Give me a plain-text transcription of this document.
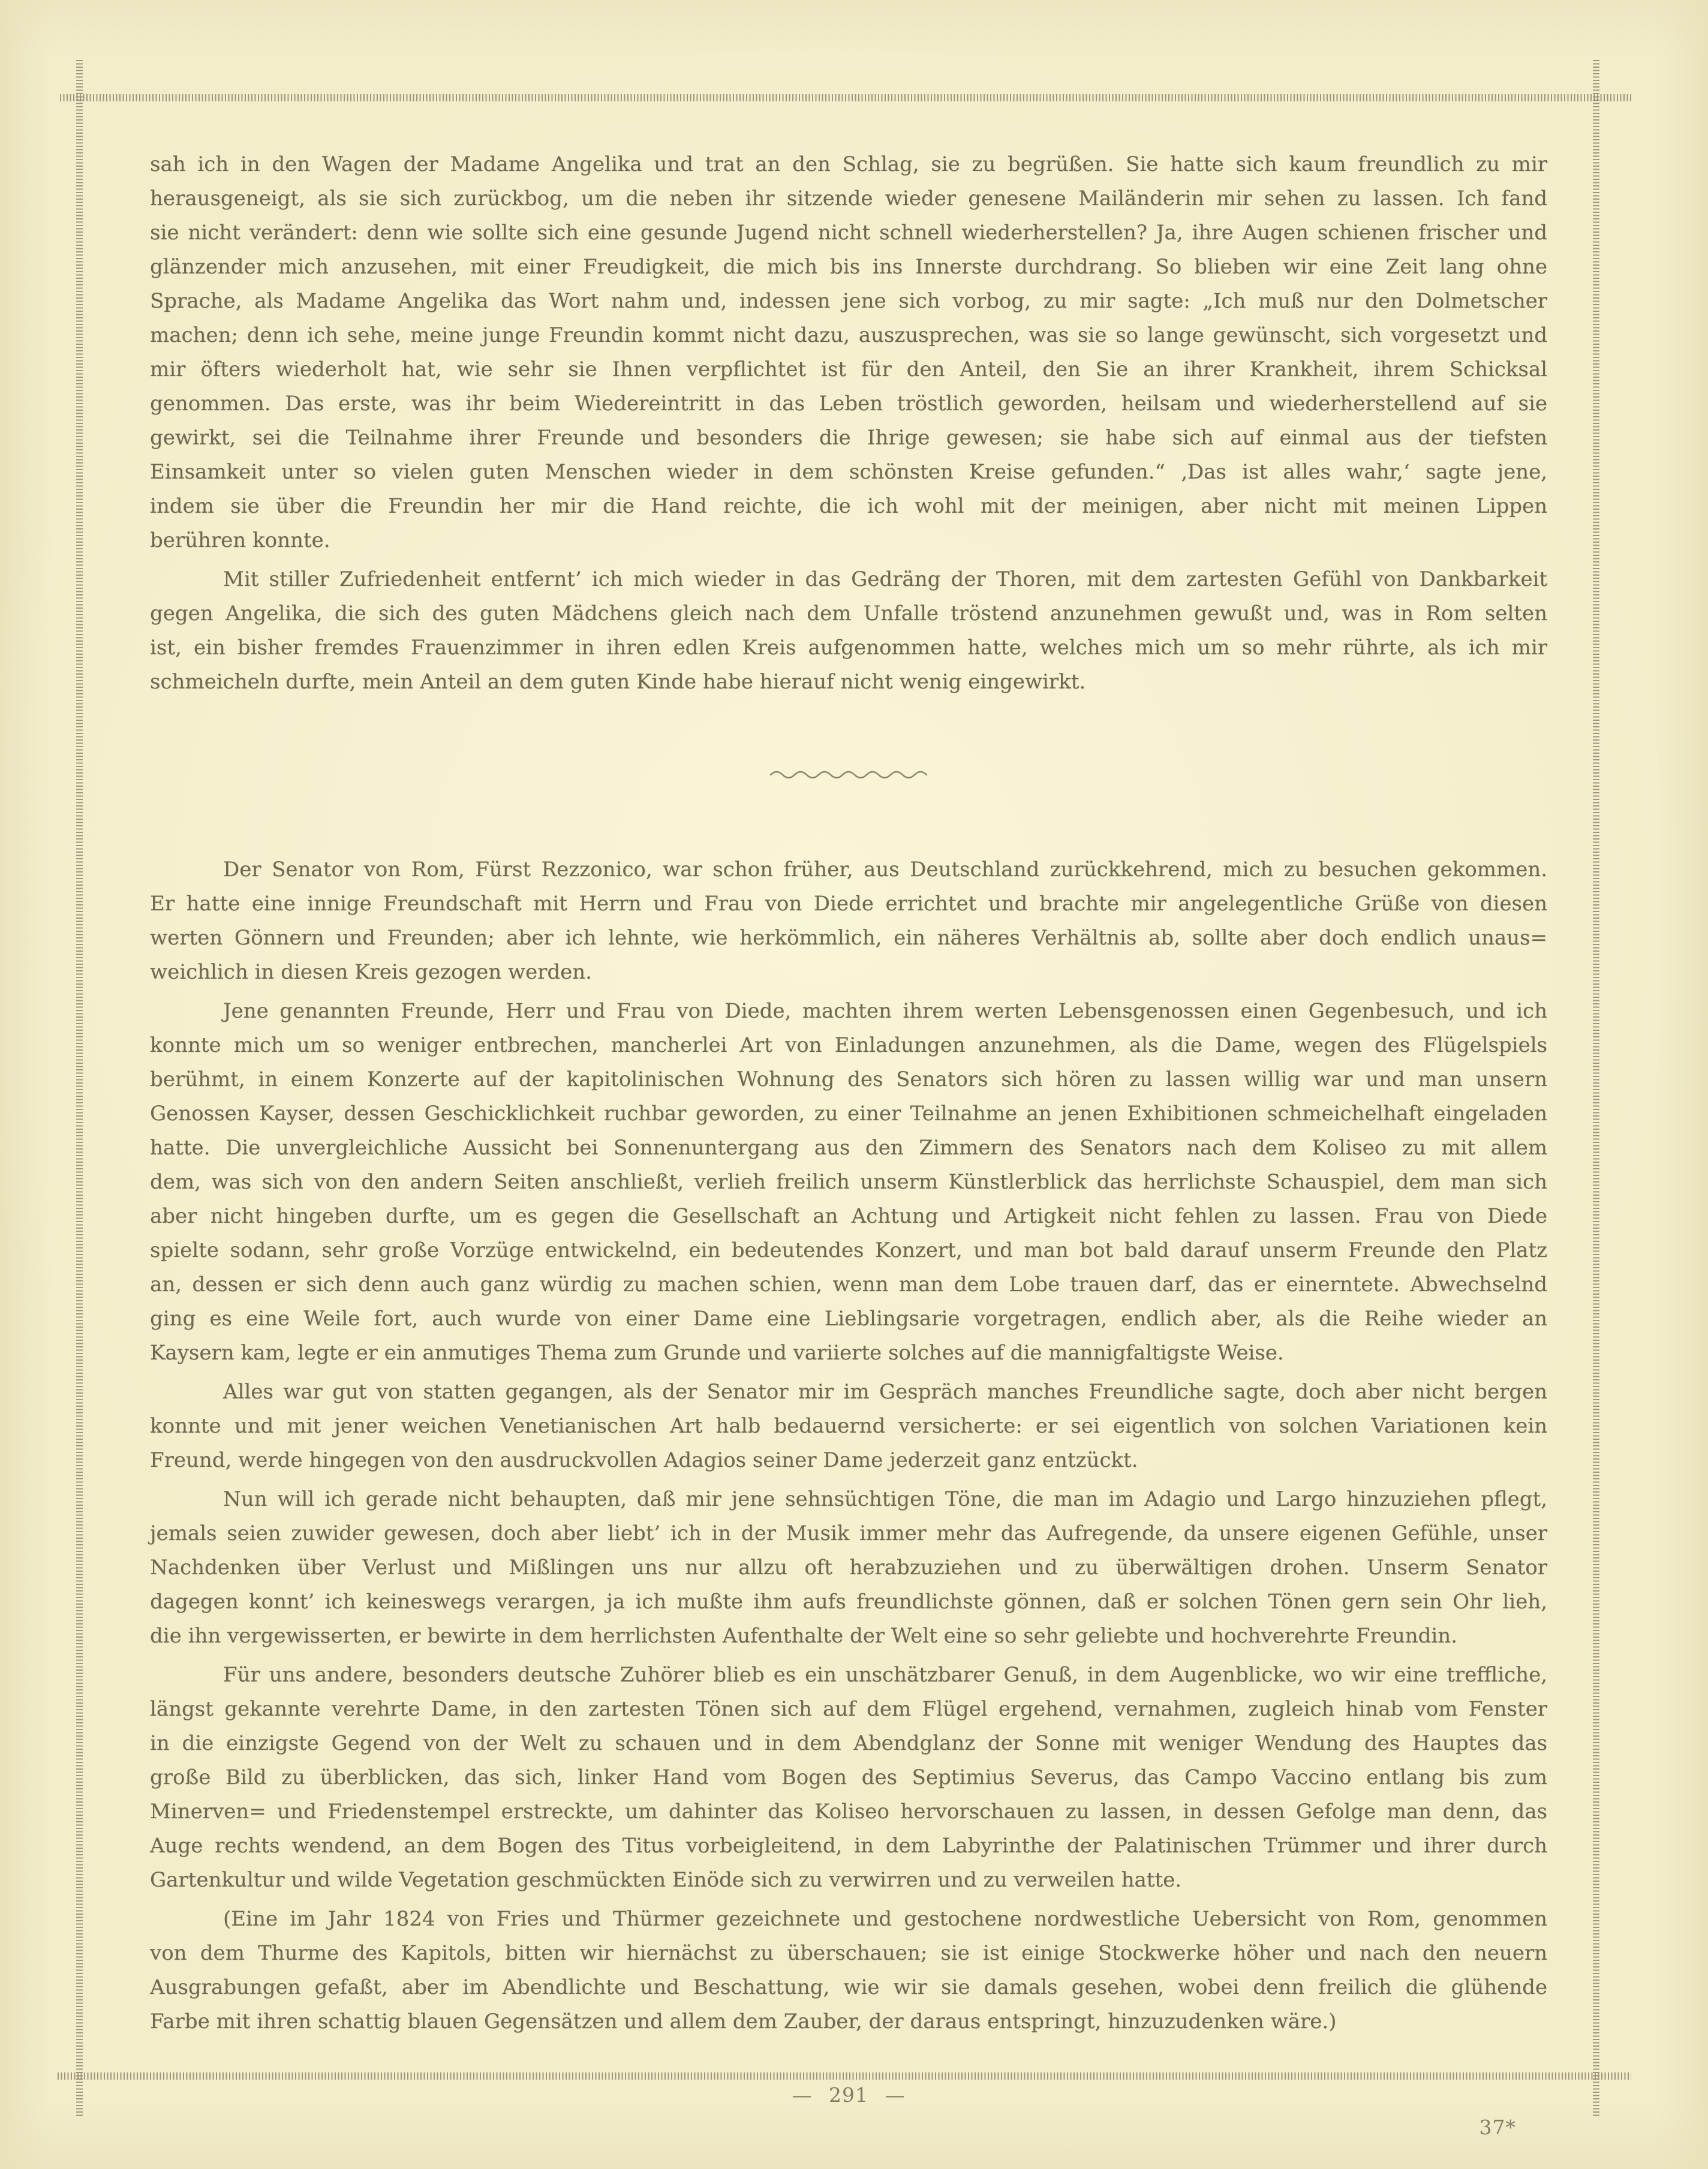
sah ich in den Wagen der Madame Angelika und trat an den Schlag, sie zu begrüßen. Sie hatte sich kaum freundlich zu mir
herausgeneigt, als sie sich zurückbog, um die neben ihr sitzende wieder genesene Mailänderin mir sehen zu lassen. Ich fand
sie nicht verändert: denn wie sollte sich eine gesunde Jugend nicht schnell wiederherstellen? Ja, ihre Augen schienen frischer und
glänzender mich anzusehen, mit einer Freudigkeit, die mich bis ins Innerste durchdrang. So blieben wir eine Zeit lang ohne
Sprache, als Madame Angelika das Wort nahm und, indessen jene sich vorbog, zu mir sagte: „Ich muß nur den Dolmetscher
machen; denn ich sehe, meine junge Freundin kommt nicht dazu, auszusprechen, was sie so lange gewünscht, sich vorgesetzt und
mir öfters wiederholt hat, wie sehr sie Ihnen verpflichtet ist für den Anteil, den Sie an ihrer Krankheit, ihrem Schicksal
genommen. Das erste, was ihr beim Wiedereintritt in das Leben tröstlich geworden, heilsam und wiederherstellend auf sie
gewirkt, sei die Teilnahme ihrer Freunde und besonders die Ihrige gewesen; sie habe sich auf einmal aus der tiefsten
Einsamkeit unter so vielen guten Menschen wieder in dem schönsten Kreise gefunden.“ ‚Das ist alles wahr,‘ sagte jene,
indem sie über die Freundin her mir die Hand reichte, die ich wohl mit der meinigen, aber nicht mit meinen Lippen
berühren konnte.
Mit stiller Zufriedenheit entfernt’ ich mich wieder in das Gedräng der Thoren, mit dem zartesten Gefühl von Dankbarkeit
gegen Angelika, die sich des guten Mädchens gleich nach dem Unfalle tröstend anzunehmen gewußt und, was in Rom selten
ist, ein bisher fremdes Frauenzimmer in ihren edlen Kreis aufgenommen hatte, welches mich um so mehr rührte, als ich mir
schmeicheln durfte, mein Anteil an dem guten Kinde habe hierauf nicht wenig eingewirkt.
Der Senator von Rom, Fürst Rezzonico, war schon früher, aus Deutschland zurückkehrend, mich zu besuchen gekommen.
Er hatte eine innige Freundschaft mit Herrn und Frau von Diede errichtet und brachte mir angelegentliche Grüße von diesen
werten Gönnern und Freunden; aber ich lehnte, wie herkömmlich, ein näheres Verhältnis ab, sollte aber doch endlich unaus=
weichlich in diesen Kreis gezogen werden.
Jene genannten Freunde, Herr und Frau von Diede, machten ihrem werten Lebensgenossen einen Gegenbesuch, und ich
konnte mich um so weniger entbrechen, mancherlei Art von Einladungen anzunehmen, als die Dame, wegen des Flügelspiels
berühmt, in einem Konzerte auf der kapitolinischen Wohnung des Senators sich hören zu lassen willig war und man unsern
Genossen Kayser, dessen Geschicklichkeit ruchbar geworden, zu einer Teilnahme an jenen Exhibitionen schmeichelhaft eingeladen
hatte. Die unvergleichliche Aussicht bei Sonnenuntergang aus den Zimmern des Senators nach dem Koliseo zu mit allem
dem, was sich von den andern Seiten anschließt, verlieh freilich unserm Künstlerblick das herrlichste Schauspiel, dem man sich
aber nicht hingeben durfte, um es gegen die Gesellschaft an Achtung und Artigkeit nicht fehlen zu lassen. Frau von Diede
spielte sodann, sehr große Vorzüge entwickelnd, ein bedeutendes Konzert, und man bot bald darauf unserm Freunde den Platz
an, dessen er sich denn auch ganz würdig zu machen schien, wenn man dem Lobe trauen darf, das er einerntete. Abwechselnd
ging es eine Weile fort, auch wurde von einer Dame eine Lieblingsarie vorgetragen, endlich aber, als die Reihe wieder an
Kaysern kam, legte er ein anmutiges Thema zum Grunde und variierte solches auf die mannigfaltigste Weise.
Alles war gut von statten gegangen, als der Senator mir im Gespräch manches Freundliche sagte, doch aber nicht bergen
konnte und mit jener weichen Venetianischen Art halb bedauernd versicherte: er sei eigentlich von solchen Variationen kein
Freund, werde hingegen von den ausdruckvollen Adagios seiner Dame jederzeit ganz entzückt.
Nun will ich gerade nicht behaupten, daß mir jene sehnsüchtigen Töne, die man im Adagio und Largo hinzuziehen pflegt,
jemals seien zuwider gewesen, doch aber liebt’ ich in der Musik immer mehr das Aufregende, da unsere eigenen Gefühle, unser
Nachdenken über Verlust und Mißlingen uns nur allzu oft herabzuziehen und zu überwältigen drohen. Unserm Senator
dagegen konnt’ ich keineswegs verargen, ja ich mußte ihm aufs freundlichste gönnen, daß er solchen Tönen gern sein Ohr lieh,
die ihn vergewisserten, er bewirte in dem herrlichsten Aufenthalte der Welt eine so sehr geliebte und hochverehrte Freundin.
Für uns andere, besonders deutsche Zuhörer blieb es ein unschätzbarer Genuß, in dem Augenblicke, wo wir eine treffliche,
längst gekannte verehrte Dame, in den zartesten Tönen sich auf dem Flügel ergehend, vernahmen, zugleich hinab vom Fenster
in die einzigste Gegend von der Welt zu schauen und in dem Abendglanz der Sonne mit weniger Wendung des Hauptes das
große Bild zu überblicken, das sich, linker Hand vom Bogen des Septimius Severus, das Campo Vaccino entlang bis zum
Minerven= und Friedenstempel erstreckte, um dahinter das Koliseo hervorschauen zu lassen, in dessen Gefolge man denn, das
Auge rechts wendend, an dem Bogen des Titus vorbeigleitend, in dem Labyrinthe der Palatinischen Trümmer und ihrer durch
Gartenkultur und wilde Vegetation geschmückten Einöde sich zu verwirren und zu verweilen hatte.
(Eine im Jahr 1824 von Fries und Thürmer gezeichnete und gestochene nordwestliche Uebersicht von Rom, genommen
von dem Thurme des Kapitols, bitten wir hiernächst zu überschauen; sie ist einige Stockwerke höher und nach den neuern
Ausgrabungen gefaßt, aber im Abendlichte und Beschattung, wie wir sie damals gesehen, wobei denn freilich die glühende
Farbe mit ihren schattig blauen Gegensätzen und allem dem Zauber, der daraus entspringt, hinzuzudenken wäre.)
— 291 —
37*
